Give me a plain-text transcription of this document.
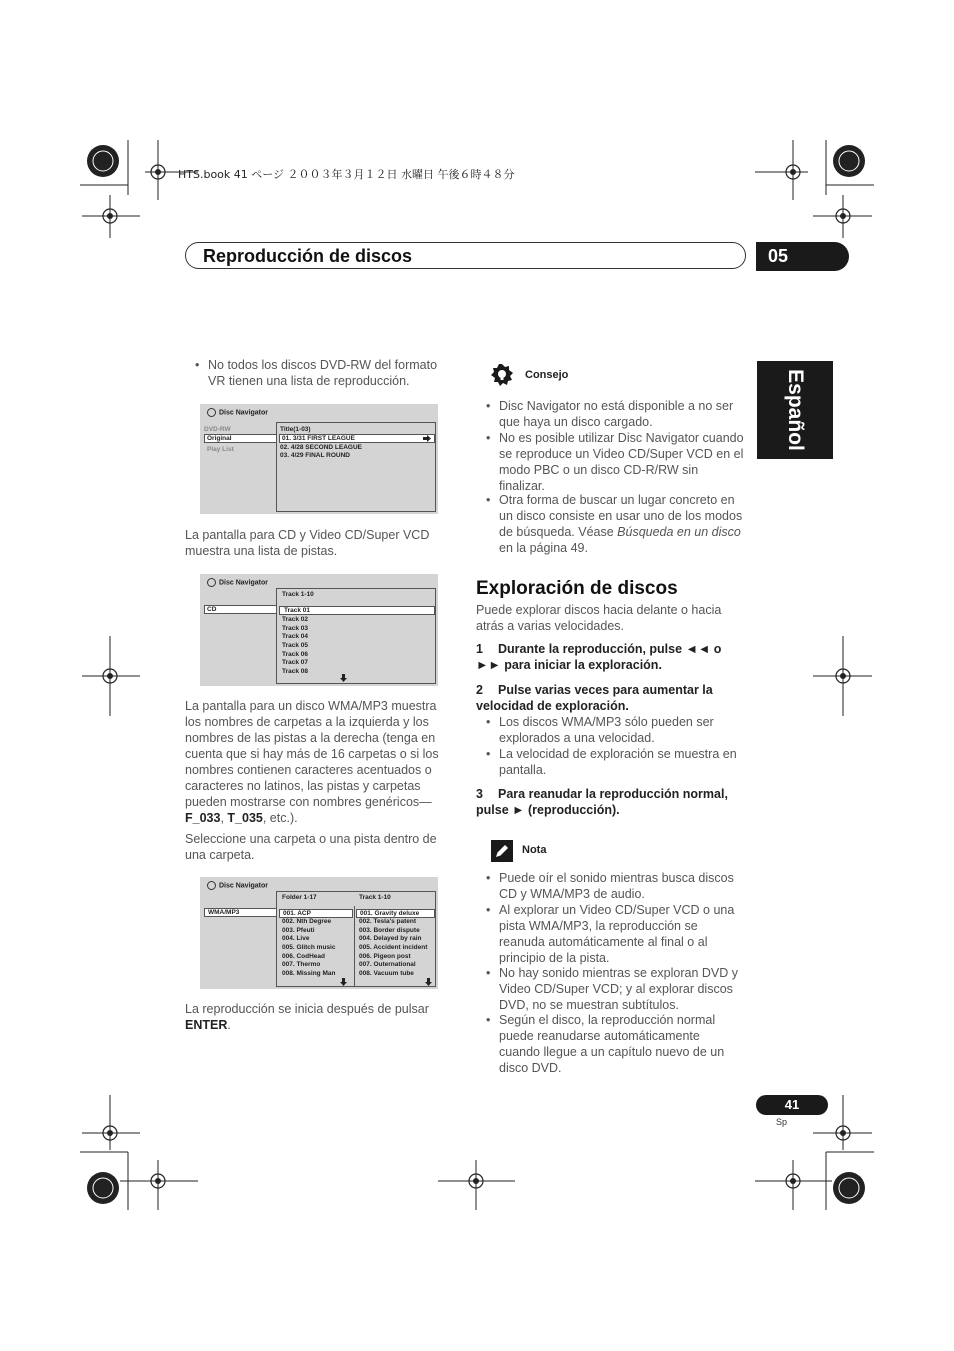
HTS.book 41 ページ ２００３年３月１２日 水曜日 午後６時４８分
Reproducción de discos	05
Español
• No todos los discos DVD-RW del formato VR tienen una lista de reproducción.
Disc Navigator
DVD-RW
Original
Play List
Title(1-03)
01. 3/31 FIRST LEAGUE
02. 4/28 SECOND LEAGUE
03. 4/29 FINAL ROUND
La pantalla para CD y Video CD/Super VCD muestra una lista de pistas.
Disc Navigator
CD
Track 1-10
Track 01
Track 02
Track 03
Track 04
Track 05
Track 06
Track 07
Track 08
La pantalla para un disco WMA/MP3 muestra los nombres de carpetas a la izquierda y los nombres de las pistas a la derecha (tenga en cuenta que si hay más de 16 carpetas o si los nombres contienen caracteres acentuados o caracteres no latinos, las pistas y carpetas pueden mostrarse con nombres genéricos—F_033, T_035, etc.).
Seleccione una carpeta o una pista dentro de una carpeta.
Disc Navigator
WMA/MP3
Folder 1-17	Track 1-10
001. ACP
002. Nth Degree
003. Pfeuti
004. Live
005. Glitch music
006. CodHead
007. Thermo
008. Missing Man
001. Gravity deluxe
002. Tesla's patent
003. Border dispute
004. Delayed by rain
005. Accident incident
006. Pigeon post
007. Outernational
008. Vacuum tube
La reproducción se inicia después de pulsar ENTER.
Consejo
• Disc Navigator no está disponible a no ser que haya un disco cargado.
• No es posible utilizar Disc Navigator cuando se reproduce un Video CD/Super VCD en el modo PBC o un disco CD-R/RW sin finalizar.
• Otra forma de buscar un lugar concreto en un disco consiste en usar uno de los modos de búsqueda. Véase Búsqueda en un disco en la página 49.
Exploración de discos
Puede explorar discos hacia delante o hacia atrás a varias velocidades.
1 Durante la reproducción, pulse ◄◄ o ►► para iniciar la exploración.
2 Pulse varias veces para aumentar la velocidad de exploración.
• Los discos WMA/MP3 sólo pueden ser explorados a una velocidad.
• La velocidad de exploración se muestra en pantalla.
3 Para reanudar la reproducción normal, pulse ► (reproducción).
Nota
• Puede oír el sonido mientras busca discos CD y WMA/MP3 de audio.
• Al explorar un Video CD/Super VCD o una pista WMA/MP3, la reproducción se reanuda automáticamente al final o al principio de la pista.
• No hay sonido mientras se exploran DVD y Video CD/Super VCD; y al explorar discos DVD, no se muestran subtítulos.
• Según el disco, la reproducción normal puede reanudarse automáticamente cuando llegue a un capítulo nuevo de un disco DVD.
41
Sp
